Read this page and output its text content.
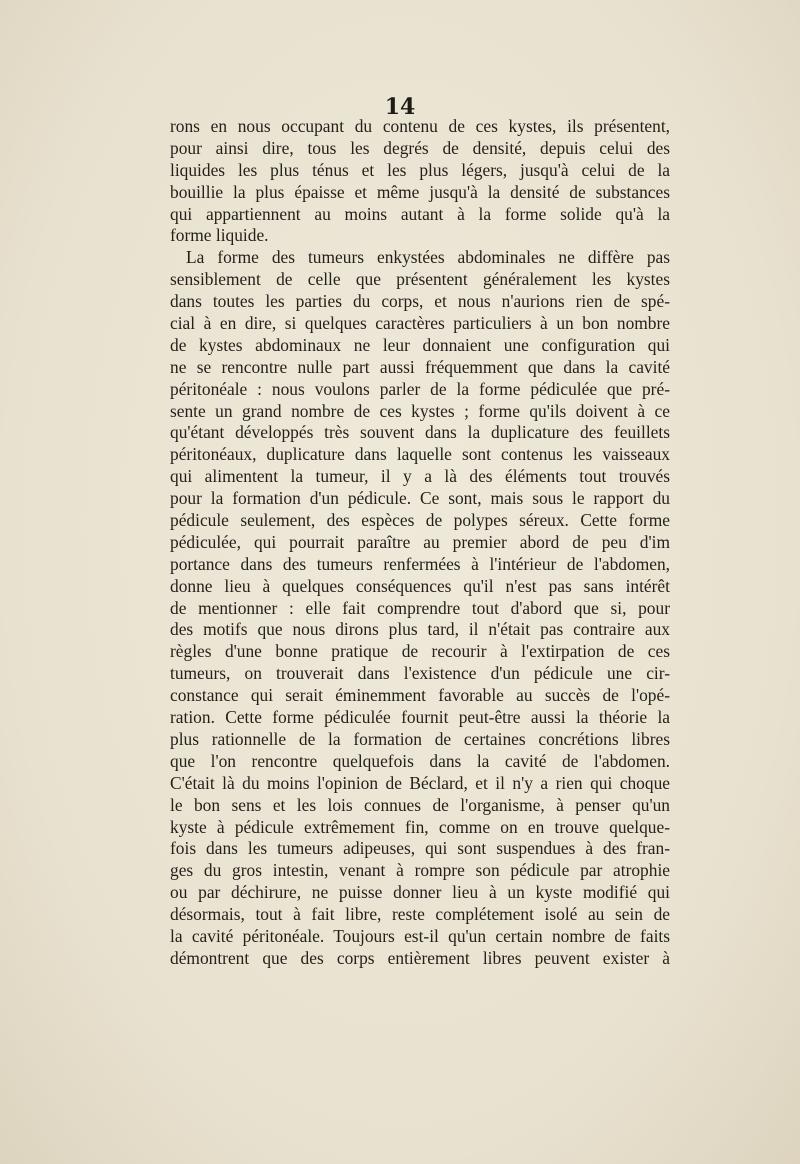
14
rons en nous occupant du contenu de ces kystes, ils présentent,
pour ainsi dire, tous les degrés de densité, depuis celui des
liquides les plus ténus et les plus légers, jusqu'à celui de la
bouillie la plus épaisse et même jusqu'à la densité de substances
qui appartiennent au moins autant à la forme solide qu'à la
forme liquide.
La forme des tumeurs enkystées abdominales ne diffère pas
sensiblement de celle que présentent généralement les kystes
dans toutes les parties du corps, et nous n'aurions rien de spé-
cial à en dire, si quelques caractères particuliers à un bon nombre
de kystes abdominaux ne leur donnaient une configuration qui
ne se rencontre nulle part aussi fréquemment que dans la cavité
péritonéale : nous voulons parler de la forme pédiculée que pré-
sente un grand nombre de ces kystes ; forme qu'ils doivent à ce
qu'étant développés très souvent dans la duplicature des feuillets
péritonéaux, duplicature dans laquelle sont contenus les vaisseaux
qui alimentent la tumeur, il y a là des éléments tout trouvés
pour la formation d'un pédicule. Ce sont, mais sous le rapport du
pédicule seulement, des espèces de polypes séreux. Cette forme
pédiculée, qui pourrait paraître au premier abord de peu d'im
portance dans des tumeurs renfermées à l'intérieur de l'abdomen,
donne lieu à quelques conséquences qu'il n'est pas sans intérêt
de mentionner : elle fait comprendre tout d'abord que si, pour
des motifs que nous dirons plus tard, il n'était pas contraire aux
règles d'une bonne pratique de recourir à l'extirpation de ces
tumeurs, on trouverait dans l'existence d'un pédicule une cir-
constance qui serait éminemment favorable au succès de l'opé-
ration. Cette forme pédiculée fournit peut-être aussi la théorie la
plus rationnelle de la formation de certaines concrétions libres
que l'on rencontre quelquefois dans la cavité de l'abdomen.
C'était là du moins l'opinion de Béclard, et il n'y a rien qui choque
le bon sens et les lois connues de l'organisme, à penser qu'un
kyste à pédicule extrêmement fin, comme on en trouve quelque-
fois dans les tumeurs adipeuses, qui sont suspendues à des fran-
ges du gros intestin, venant à rompre son pédicule par atrophie
ou par déchirure, ne puisse donner lieu à un kyste modifié qui
désormais, tout à fait libre, reste complétement isolé au sein de
la cavité péritonéale. Toujours est-il qu'un certain nombre de faits
démontrent que des corps entièrement libres peuvent exister à
